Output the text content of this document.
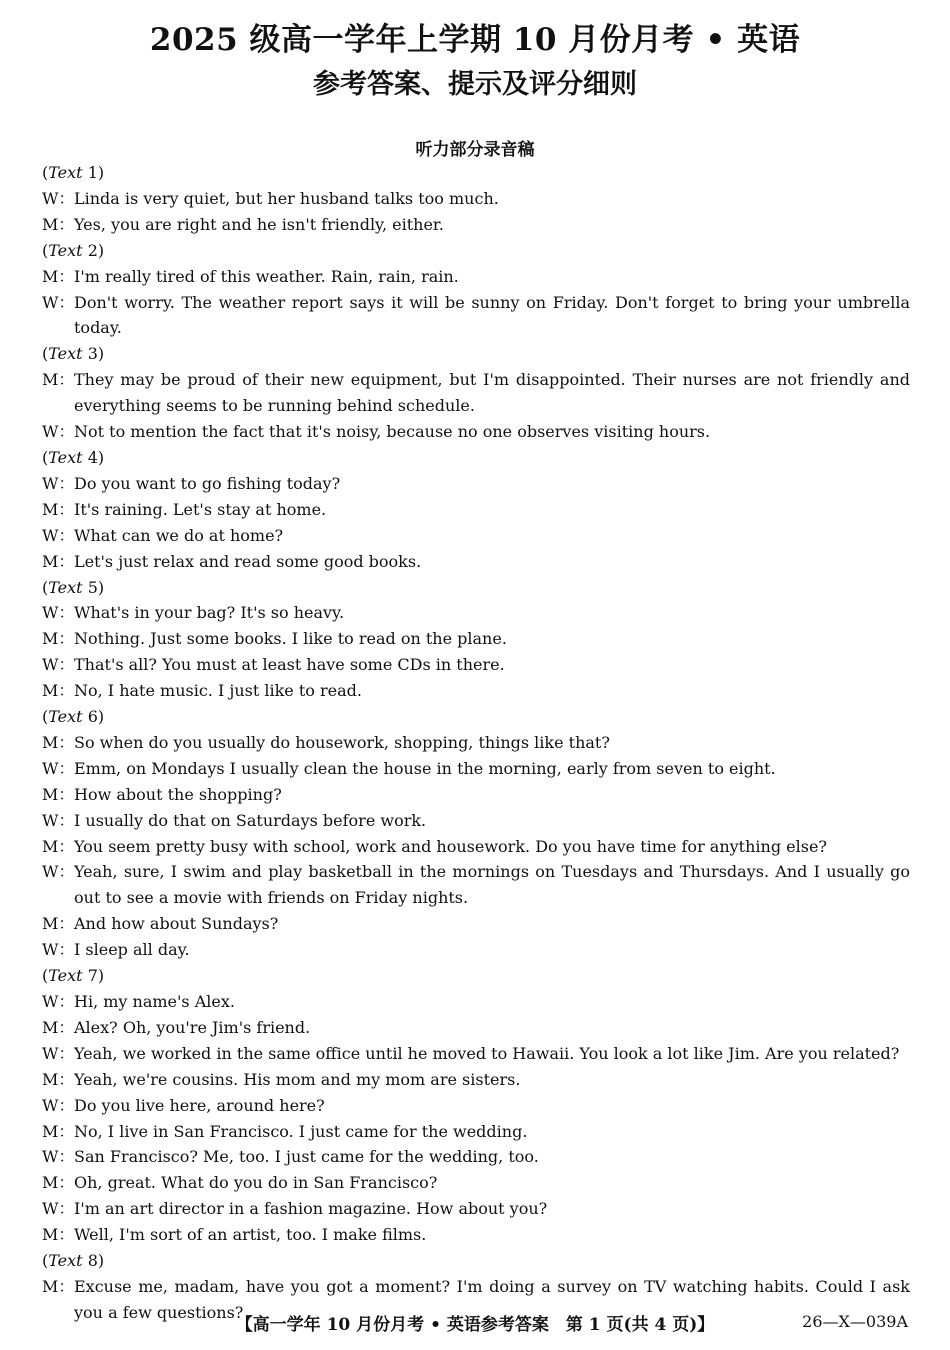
2025 级高一学年上学期 10 月份月考 • 英语
参考答案、提示及评分细则
听力部分录音稿
( Text
1 )
W： Linda is very quiet, but her husband talks too much.
M： Yes, you are right and he isn't friendly, either.
( Text
2 )
M： I'm really tired of this weather. Rain, rain, rain.
W： Don't worry. The weather report says it will be sunny on Friday. Don't forget to bring your umbrella today.
( Text
3 )
M： They may be proud of their new equipment, but I'm disappointed. Their nurses are not friendly and everything seems to be running behind schedule.
W： Not to mention the fact that it's noisy, because no one observes visiting hours.
( Text
4 )
W： Do you want to go fishing today?
M： It's raining. Let's stay at home.
W： What can we do at home?
M： Let's just relax and read some good books.
( Text
5 )
W： What's in your bag? It's so heavy.
M： Nothing. Just some books. I like to read on the plane.
W： That's all? You must at least have some CDs in there.
M： No, I hate music. I just like to read.
( Text
6 )
M： So when do you usually do housework, shopping, things like that?
W： Emm, on Mondays I usually clean the house in the morning, early from seven to eight.
M： How about the shopping?
W： I usually do that on Saturdays before work.
M： You seem pretty busy with school, work and housework. Do you have time for anything else?
W： Yeah, sure, I swim and play basketball in the mornings on Tuesdays and Thursdays. And I usually go out to see a movie with friends on Friday nights.
M： And how about Sundays?
W： I sleep all day.
( Text
7 )
W： Hi, my name's Alex.
M： Alex? Oh, you're Jim's friend.
W： Yeah, we worked in the same office until he moved to Hawaii. You look a lot like Jim. Are you related?
M： Yeah, we're cousins. His mom and my mom are sisters.
W： Do you live here, around here?
M： No, I live in San Francisco. I just came for the wedding.
W： San Francisco? Me, too. I just came for the wedding, too.
M： Oh, great. What do you do in San Francisco?
W： I'm an art director in a fashion magazine. How about you?
M： Well, I'm sort of an artist, too. I make films.
( Text
8 )
M： Excuse me, madam, have you got a moment? I'm doing a survey on TV watching habits. Could I ask you a few questions?
【高一学年 10 月份月考 • 英语参考答案　第 1 页(共 4 页)】	26—X—039A
